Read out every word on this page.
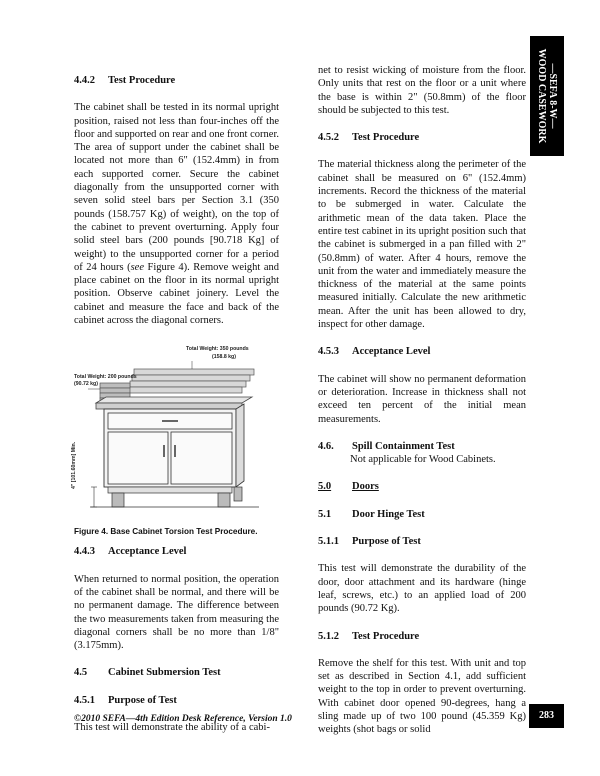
—SEFA 8-W—
WOOD CASEWORK
4.4.2 Test Procedure

The cabinet shall be tested in its normal upright position, raised not less than four-inches off the floor and supported on rear and one front corner. The area of support under the cabinet shall be located not more than 6" (152.4mm) in from each supported corner. Secure the cabinet diagonally from the unsupported corner with seven solid steel bars per Section 3.1 (350 pounds (158.757 Kg) of weight), on the top of the cabinet to prevent overturning. Apply four solid steel bars (200 pounds [90.718 Kg] of weight) to the unsupported corner for a period of 24 hours (see Figure 4). Remove weight and place cabinet on the floor in its normal upright position. Observe cabinet joinery. Level the cabinet and measure the face and back of the cabinet across the diagonal corners.

Total Weight: 350 pounds
(158.8 kg)
Total Weight: 200 pounds
(90.72 kg)
4" [101.60mm] Min.
Figure 4. Base Cabinet Torsion Test Procedure.
4.4.3 Acceptance Level

When returned to normal position, the operation of the cabinet shall be normal, and there will be no permanent damage. The difference between the two measurements taken from measuring the diagonal corners shall be no more than 1/8" (3.175mm).

4.5 Cabinet Submersion Test
4.5.1 Purpose of Test

This test will demonstrate the ability of a cabi-

net to resist wicking of moisture from the floor. Only units that rest on the floor or a unit where the base is within 2" (50.8mm) of the floor should be subjected to this test.

4.5.2 Test Procedure

The material thickness along the perimeter of the cabinet shall be measured on 6" (152.4mm) increments. Record the thickness of the material to be submerged in water. Calculate the arithmetic mean of the data taken. Place the entire test cabinet in its upright position such that the cabinet is submerged in a pan filled with 2" (50.8mm) of water. After 4 hours, remove the unit from the water and immediately measure the thickness of the material at the same points measured initially. Calculate the new arithmetic mean. After the unit has been allowed to dry, inspect for other damage.

4.5.3 Acceptance Level

The cabinet will show no permanent deformation or deterioration. Increase in thickness shall not exceed ten percent of the initial mean measurements.

4.6. Spill Containment Test

Not applicable for Wood Cabinets.

5.0 Doors
5.1 Door Hinge Test
5.1.1 Purpose of Test

This test will demonstrate the durability of the door, door attachment and its hardware (hinge leaf, screws, etc.) to an applied load of 200 pounds (90.72 Kg).

5.1.2 Test Procedure

Remove the shelf for this test. With unit and top set as described in Section 4.1, add sufficient weight to the top in order to prevent overturning. With cabinet door opened 90-degrees, hang a sling made up of two 100 pound (45.359 Kg) weights (shot bags or solid

©2010 SEFA—4th Edition Desk Reference, Version 1.0	283
